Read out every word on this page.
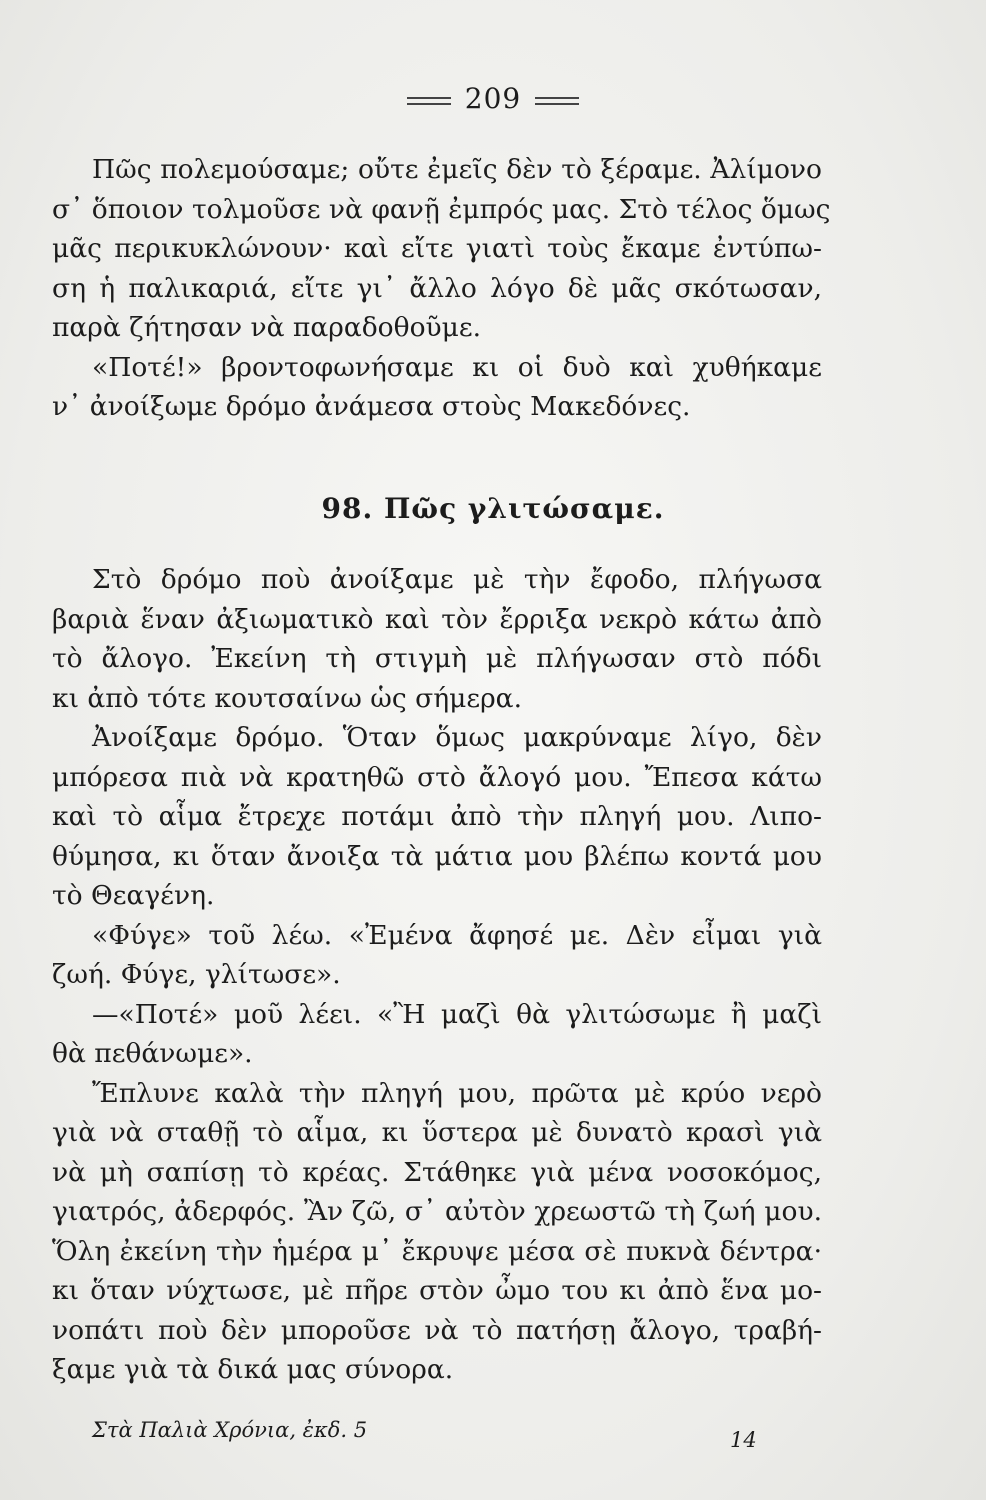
209
Πῶς πολεμούσαμε; οὔτε ἐμεῖς δὲν τὸ ξέραμε. Ἀλίμονο
σ᾿ ὅποιον τολμοῦσε νὰ φανῇ ἐμπρός μας. Στὸ τέλος ὅμως
μᾶς περικυκλώνουν· καὶ εἴτε γιατὶ τοὺς ἔκαμε ἐντύπω-
ση ἡ παλικαριά, εἴτε γι᾿ ἄλλο λόγο δὲ μᾶς σκότωσαν,
παρὰ ζήτησαν νὰ παραδοθοῦμε.
«Ποτέ!» βροντοφωνήσαμε κι οἱ δυὸ καὶ χυθήκαμε
ν᾿ ἀνοίξωμε δρόμο ἀνάμεσα στοὺς Μακεδόνες.
98. Πῶς γλιτώσαμε.
Στὸ δρόμο ποὺ ἀνοίξαμε μὲ τὴν ἔφοδο, πλήγωσα
βαριὰ ἕναν ἀξιωματικὸ καὶ τὸν ἔρριξα νεκρὸ κάτω ἀπὸ
τὸ ἄλογο. Ἐκείνη τὴ στιγμὴ μὲ πλήγωσαν στὸ πόδι
κι ἀπὸ τότε κουτσαίνω ὡς σήμερα.
Ἀνοίξαμε δρόμο. Ὅταν ὅμως μακρύναμε λίγο, δὲν
μπόρεσα πιὰ νὰ κρατηθῶ στὸ ἄλογό μου. Ἔπεσα κάτω
καὶ τὸ αἷμα ἔτρεχε ποτάμι ἀπὸ τὴν πληγή μου. Λιπο-
θύμησα, κι ὅταν ἄνοιξα τὰ μάτια μου βλέπω κοντά μου
τὸ Θεαγένη.
«Φύγε» τοῦ λέω. «Ἐμένα ἄφησέ με. Δὲν εἶμαι γιὰ
ζωή. Φύγε, γλίτωσε».
—«Ποτέ» μοῦ λέει. «Ἢ μαζὶ θὰ γλιτώσωμε ἢ μαζὶ
θὰ πεθάνωμε».
Ἔπλυνε καλὰ τὴν πληγή μου, πρῶτα μὲ κρύο νερὸ
γιὰ νὰ σταθῇ τὸ αἷμα, κι ὕστερα μὲ δυνατὸ κρασὶ γιὰ
νὰ μὴ σαπίσῃ τὸ κρέας. Στάθηκε γιὰ μένα νοσοκόμος,
γιατρός, ἀδερφός. Ἂν ζῶ, σ᾿ αὐτὸν χρεωστῶ τὴ ζωή μου.
Ὅλη ἐκείνη τὴν ἡμέρα μ᾿ ἔκρυψε μέσα σὲ πυκνὰ δέντρα·
κι ὅταν νύχτωσε, μὲ πῆρε στὸν ὦμο του κι ἀπὸ ἕνα μο-
νοπάτι ποὺ δὲν μποροῦσε νὰ τὸ πατήσῃ ἄλογο, τραβή-
ξαμε γιὰ τὰ δικά μας σύνορα.
Στὰ Παλιὰ Χρόνια, ἐκδ. 5	14
